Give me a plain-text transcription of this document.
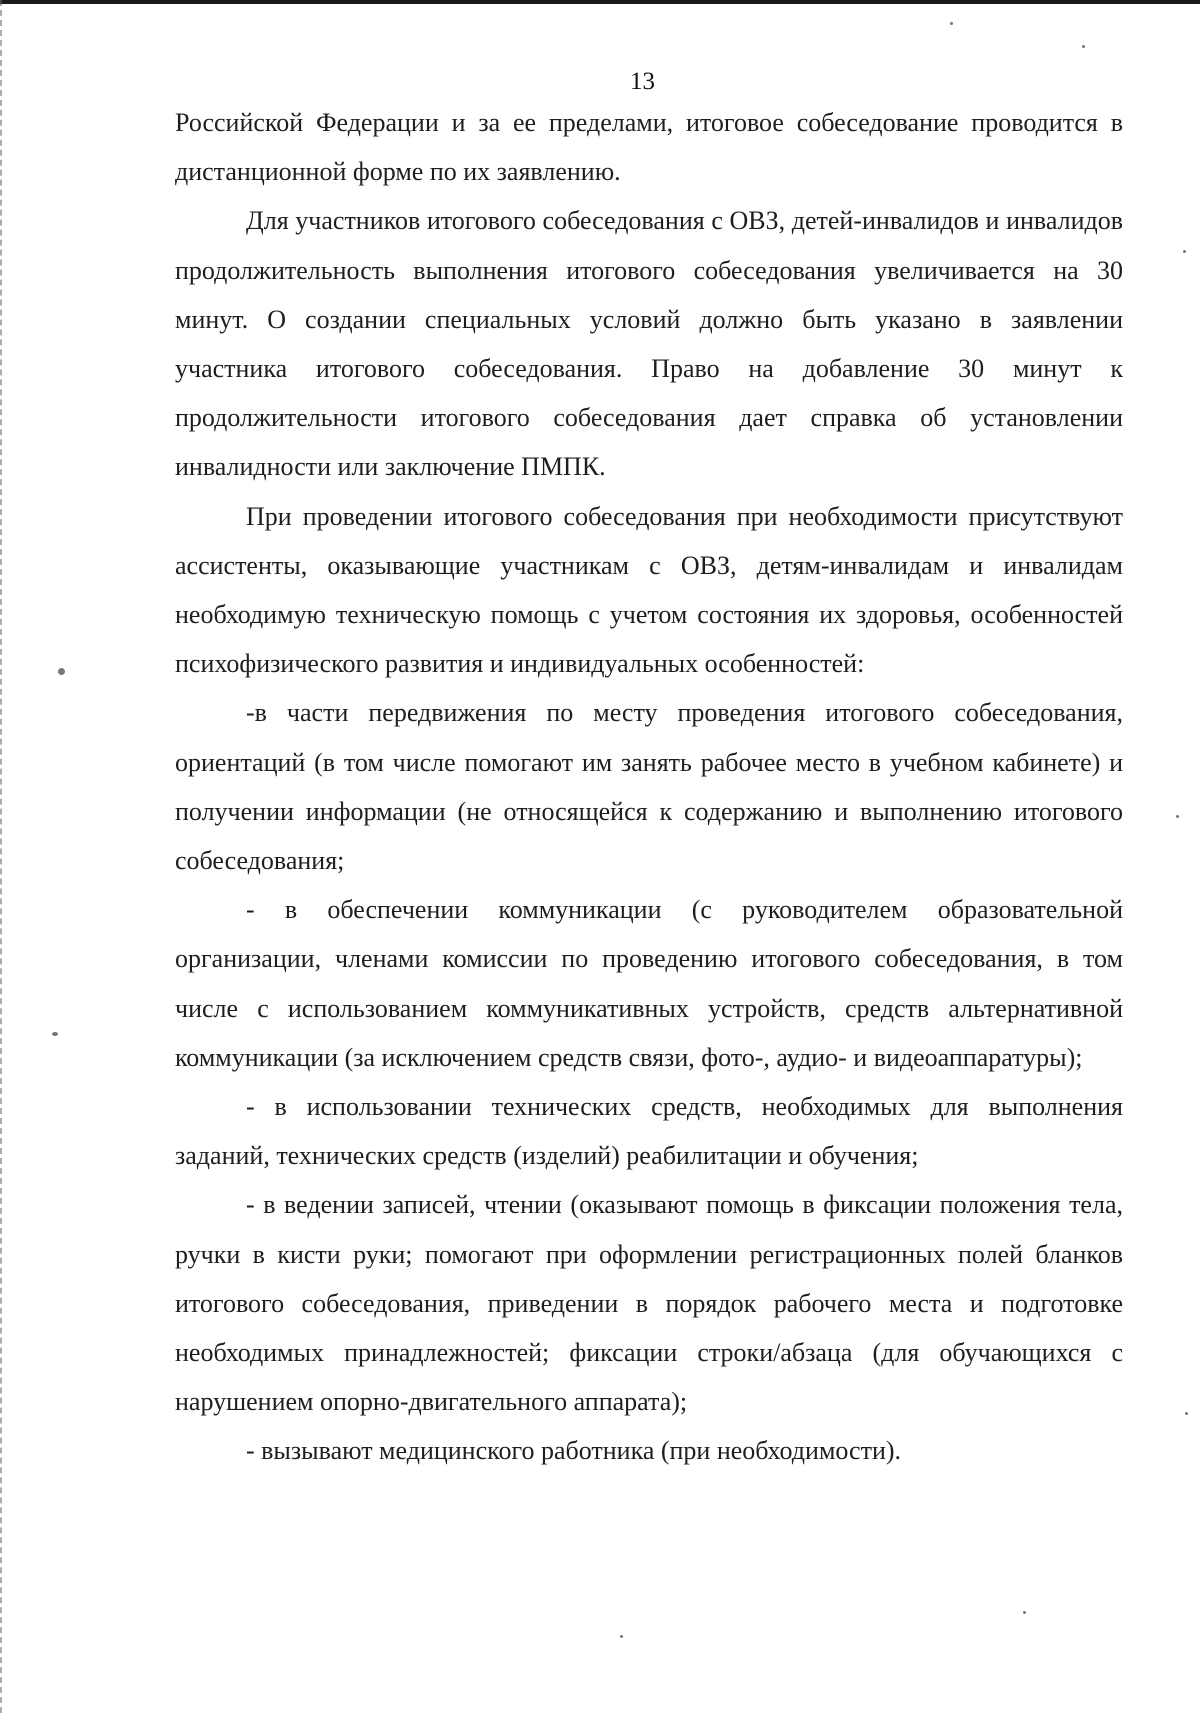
13

Российской Федерации и за ее пределами, итоговое собеседование проводится в дистанционной форме по их заявлению.

Для участников итогового собеседования с ОВЗ, детей-инвалидов и инвалидов продолжительность выполнения итогового собеседования увеличивается на 30 минут. О создании специальных условий должно быть указано в заявлении участника итогового собеседования. Право на добавление 30 минут к продолжительности итогового собеседования дает справка об установлении инвалидности или заключение ПМПК.

При проведении итогового собеседования при необходимости присутствуют ассистенты, оказывающие участникам с ОВЗ, детям-инвалидам и инвалидам необходимую техническую помощь с учетом состояния их здоровья, особенностей психофизического развития и индивидуальных особенностей:

-в части передвижения по месту проведения итогового собеседования, ориентаций (в том числе помогают им занять рабочее место в учебном кабинете) и получении информации (не относящейся к содержанию и выполнению итогового собеседования;

- в обеспечении коммуникации (с руководителем образовательной организации, членами комиссии по проведению итогового собеседования, в том числе с использованием коммуникативных устройств, средств альтернативной коммуникации (за исключением средств связи, фото-, аудио- и видеоаппаратуры);

- в использовании технических средств, необходимых для выполнения заданий, технических средств (изделий) реабилитации и обучения;

- в ведении записей, чтении (оказывают помощь в фиксации положения тела, ручки в кисти руки; помогают при оформлении регистрационных полей бланков итогового собеседования, приведении в порядок рабочего места и подготовке необходимых принадлежностей; фиксации строки/абзаца (для обучающихся с нарушением опорно-двигательного аппарата);

- вызывают медицинского работника (при необходимости).
